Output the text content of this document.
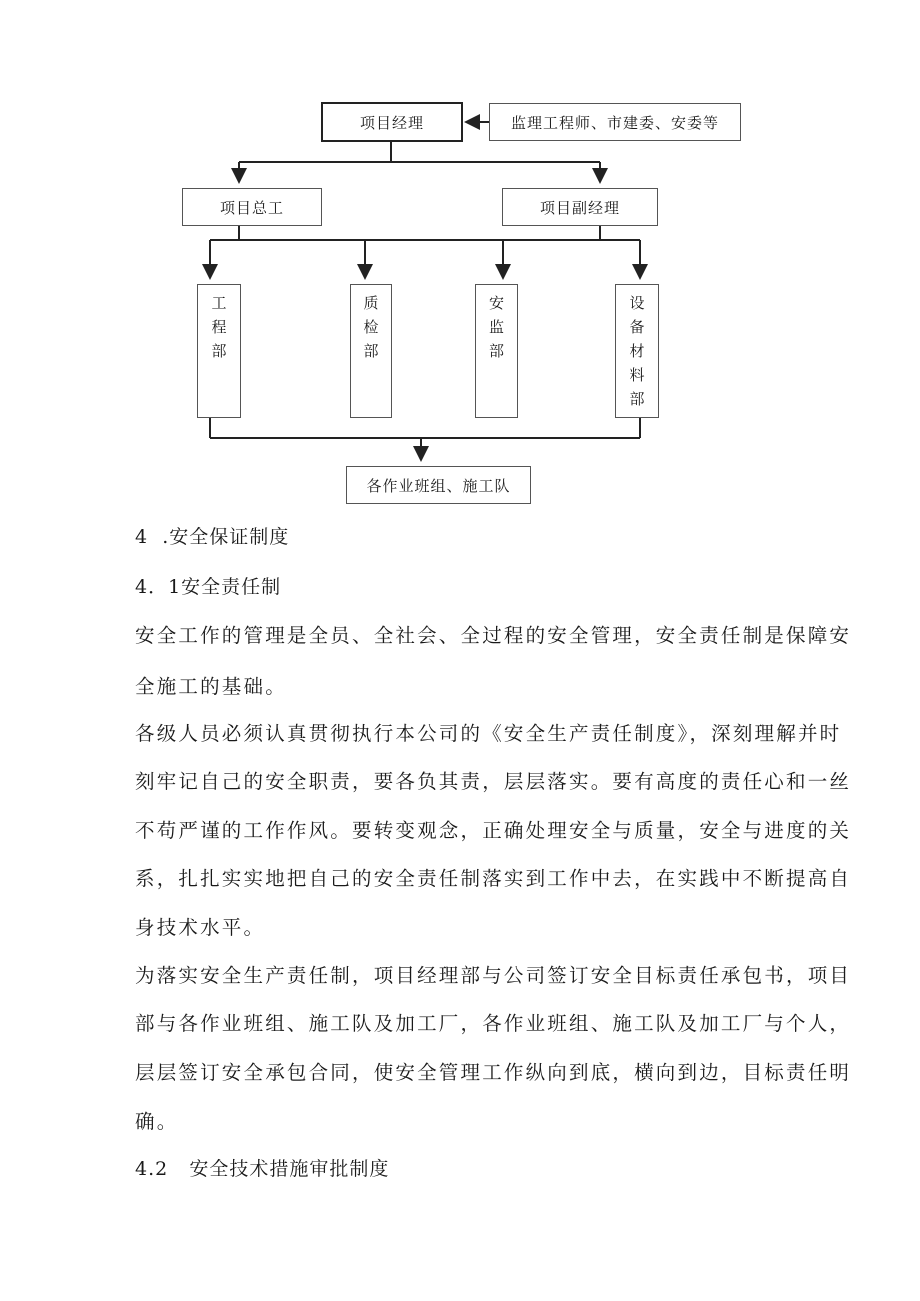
项目经理	监理工程师、市建委、安委等
项目总工	项目副经理
工程部
质检部
安监部
设备材料部
各作业班组、施工队
4 .安全保证制度
4．1安全责任制
安全工作的管理是全员、全社会、全过程的安全管理，安全责任制是保障安
全施工的基础。
各级人员必须认真贯彻执行本公司的《安全生产责任制度》，深刻理解并时
刻牢记自己的安全职责，要各负其责，层层落实。要有高度的责任心和一丝
不苟严谨的工作作风。要转变观念，正确处理安全与质量，安全与进度的关
系，扎扎实实地把自己的安全责任制落实到工作中去，在实践中不断提高自
身技术水平。
为落实安全生产责任制，项目经理部与公司签订安全目标责任承包书，项目
部与各作业班组、施工队及加工厂，各作业班组、施工队及加工厂与个人，
层层签订安全承包合同，使安全管理工作纵向到底，横向到边，目标责任明
确。
4.2 安全技术措施审批制度
